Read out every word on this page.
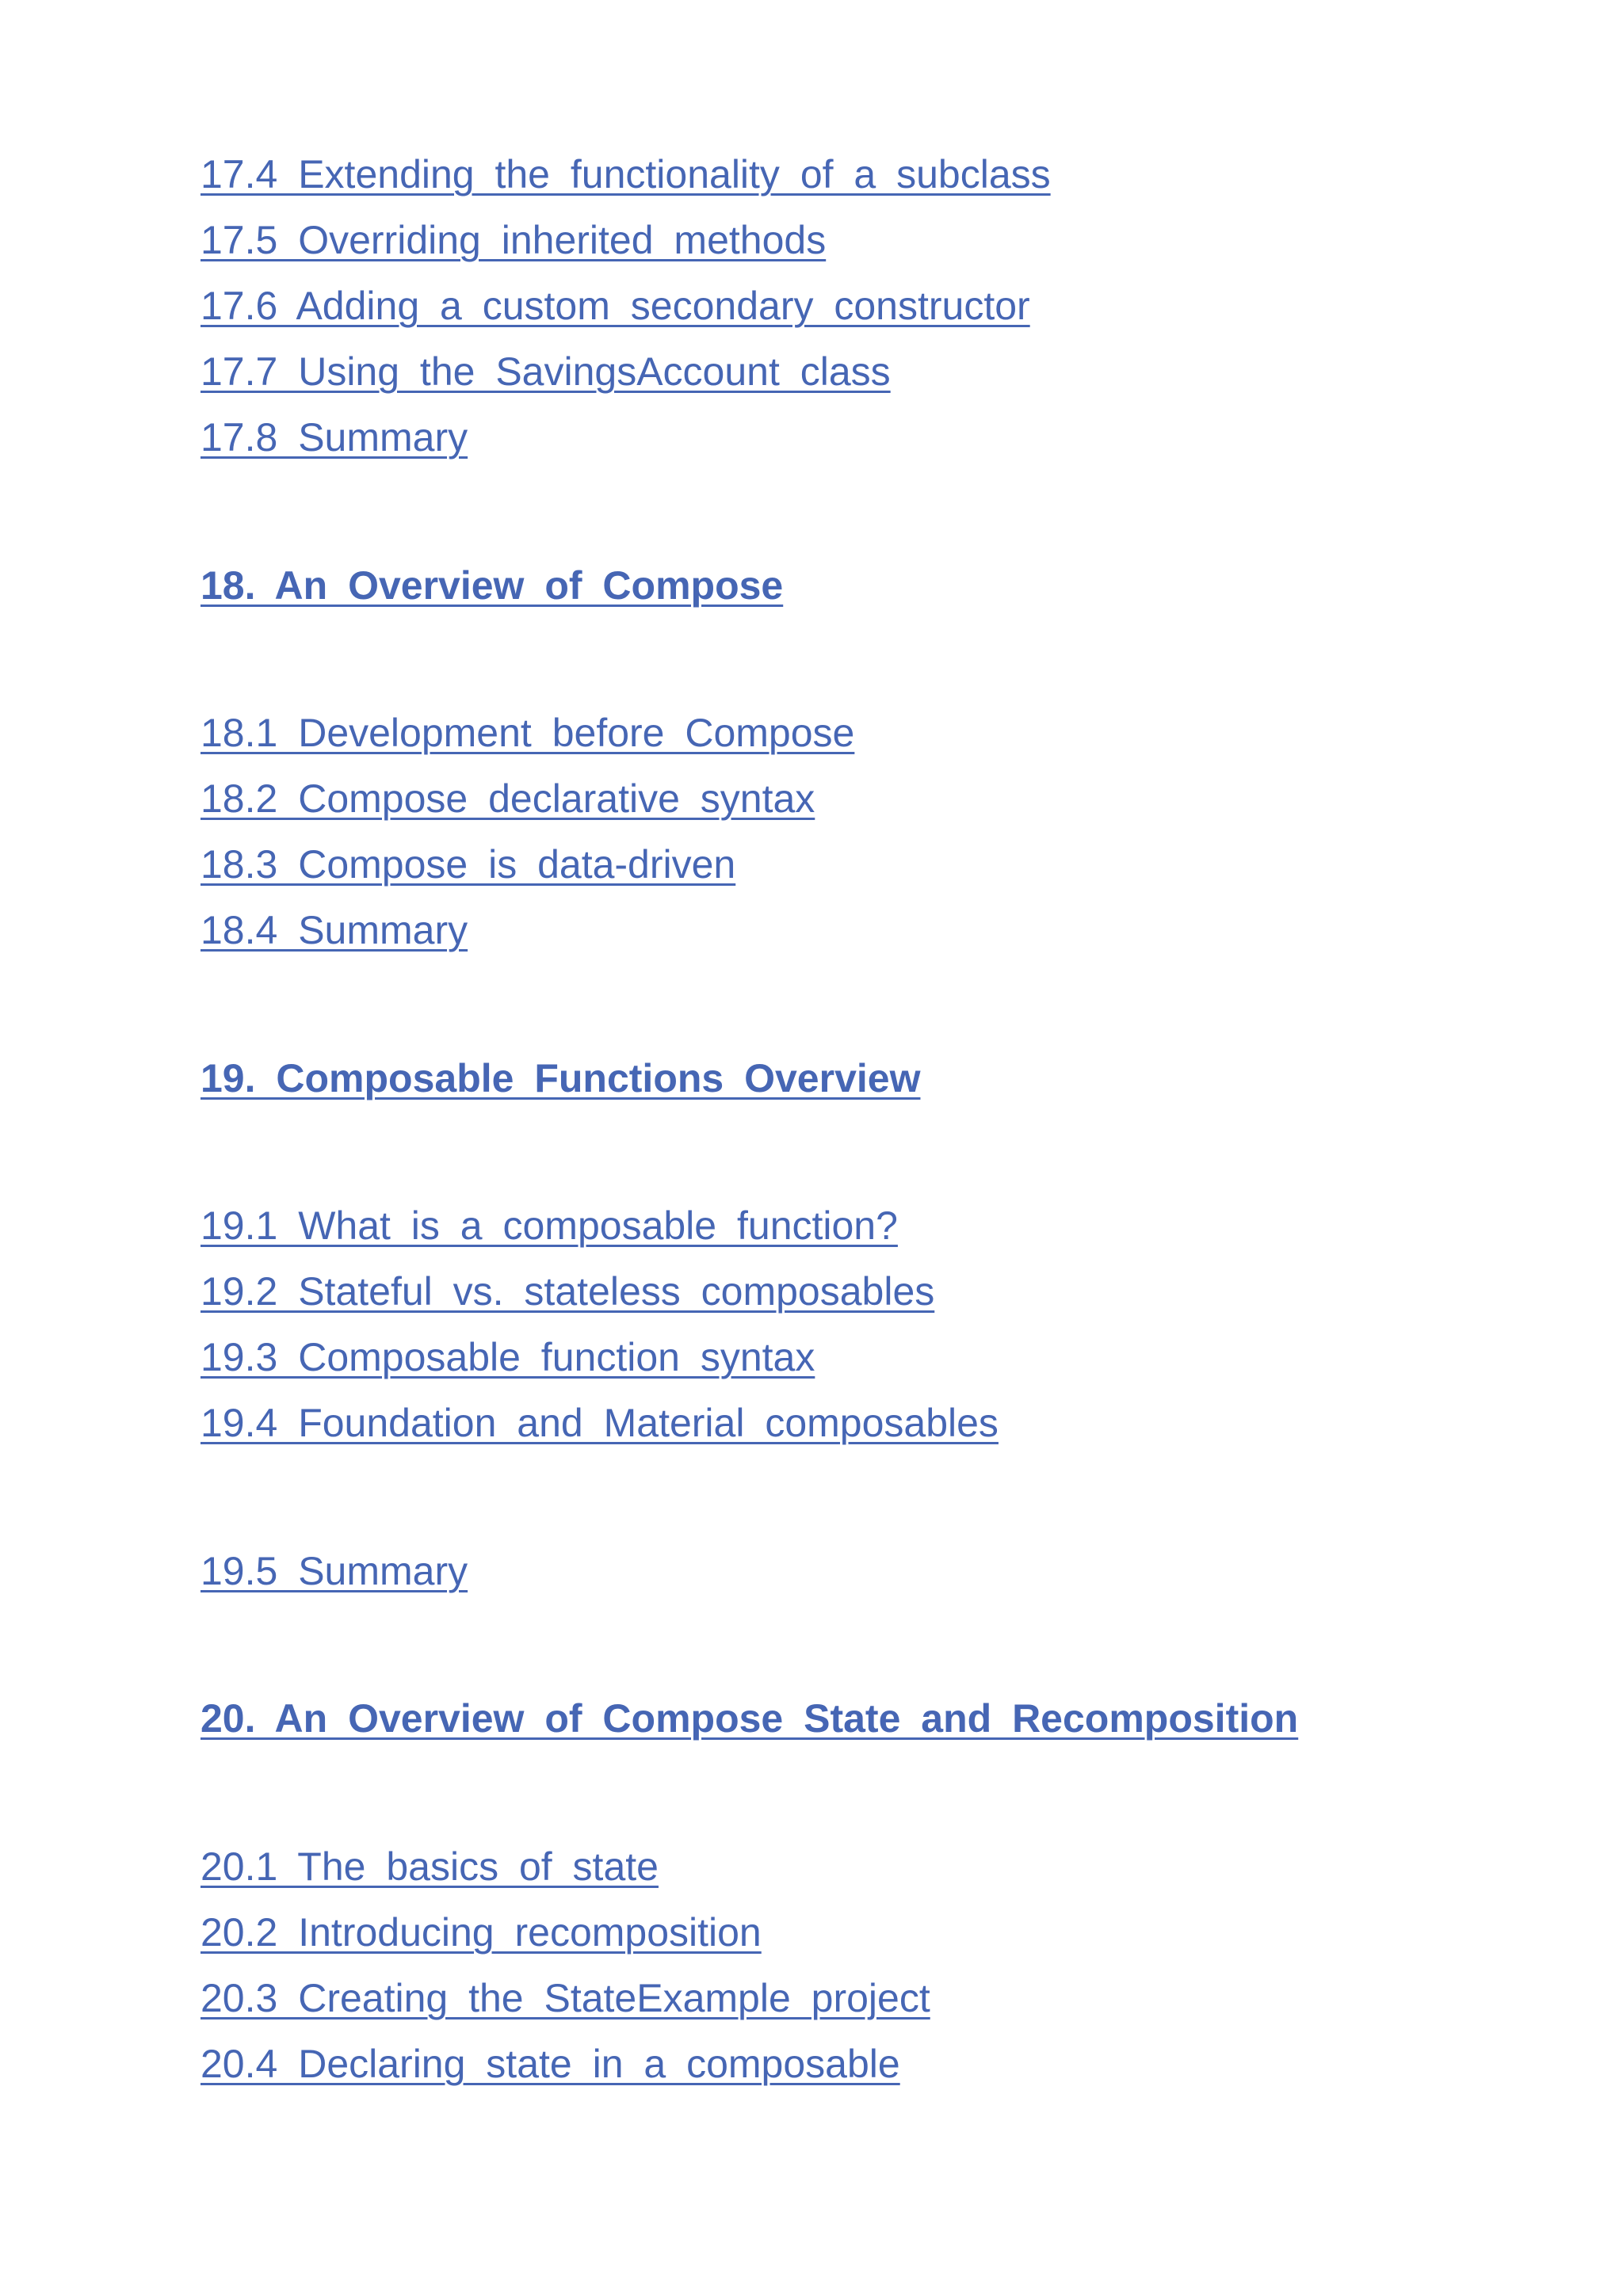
17.4 Extending the functionality of a subclass
17.5 Overriding inherited methods
17.6 Adding a custom secondary constructor
17.7 Using the SavingsAccount class
17.8 Summary
18. An Overview of Compose
18.1 Development before Compose
18.2 Compose declarative syntax
18.3 Compose is data-driven
18.4 Summary
19. Composable Functions Overview
19.1 What is a composable function?
19.2 Stateful vs. stateless composables
19.3 Composable function syntax
19.4 Foundation and Material composables
19.5 Summary
20. An Overview of Compose State and Recomposition
20.1 The basics of state
20.2 Introducing recomposition
20.3 Creating the StateExample project
20.4 Declaring state in a composable
